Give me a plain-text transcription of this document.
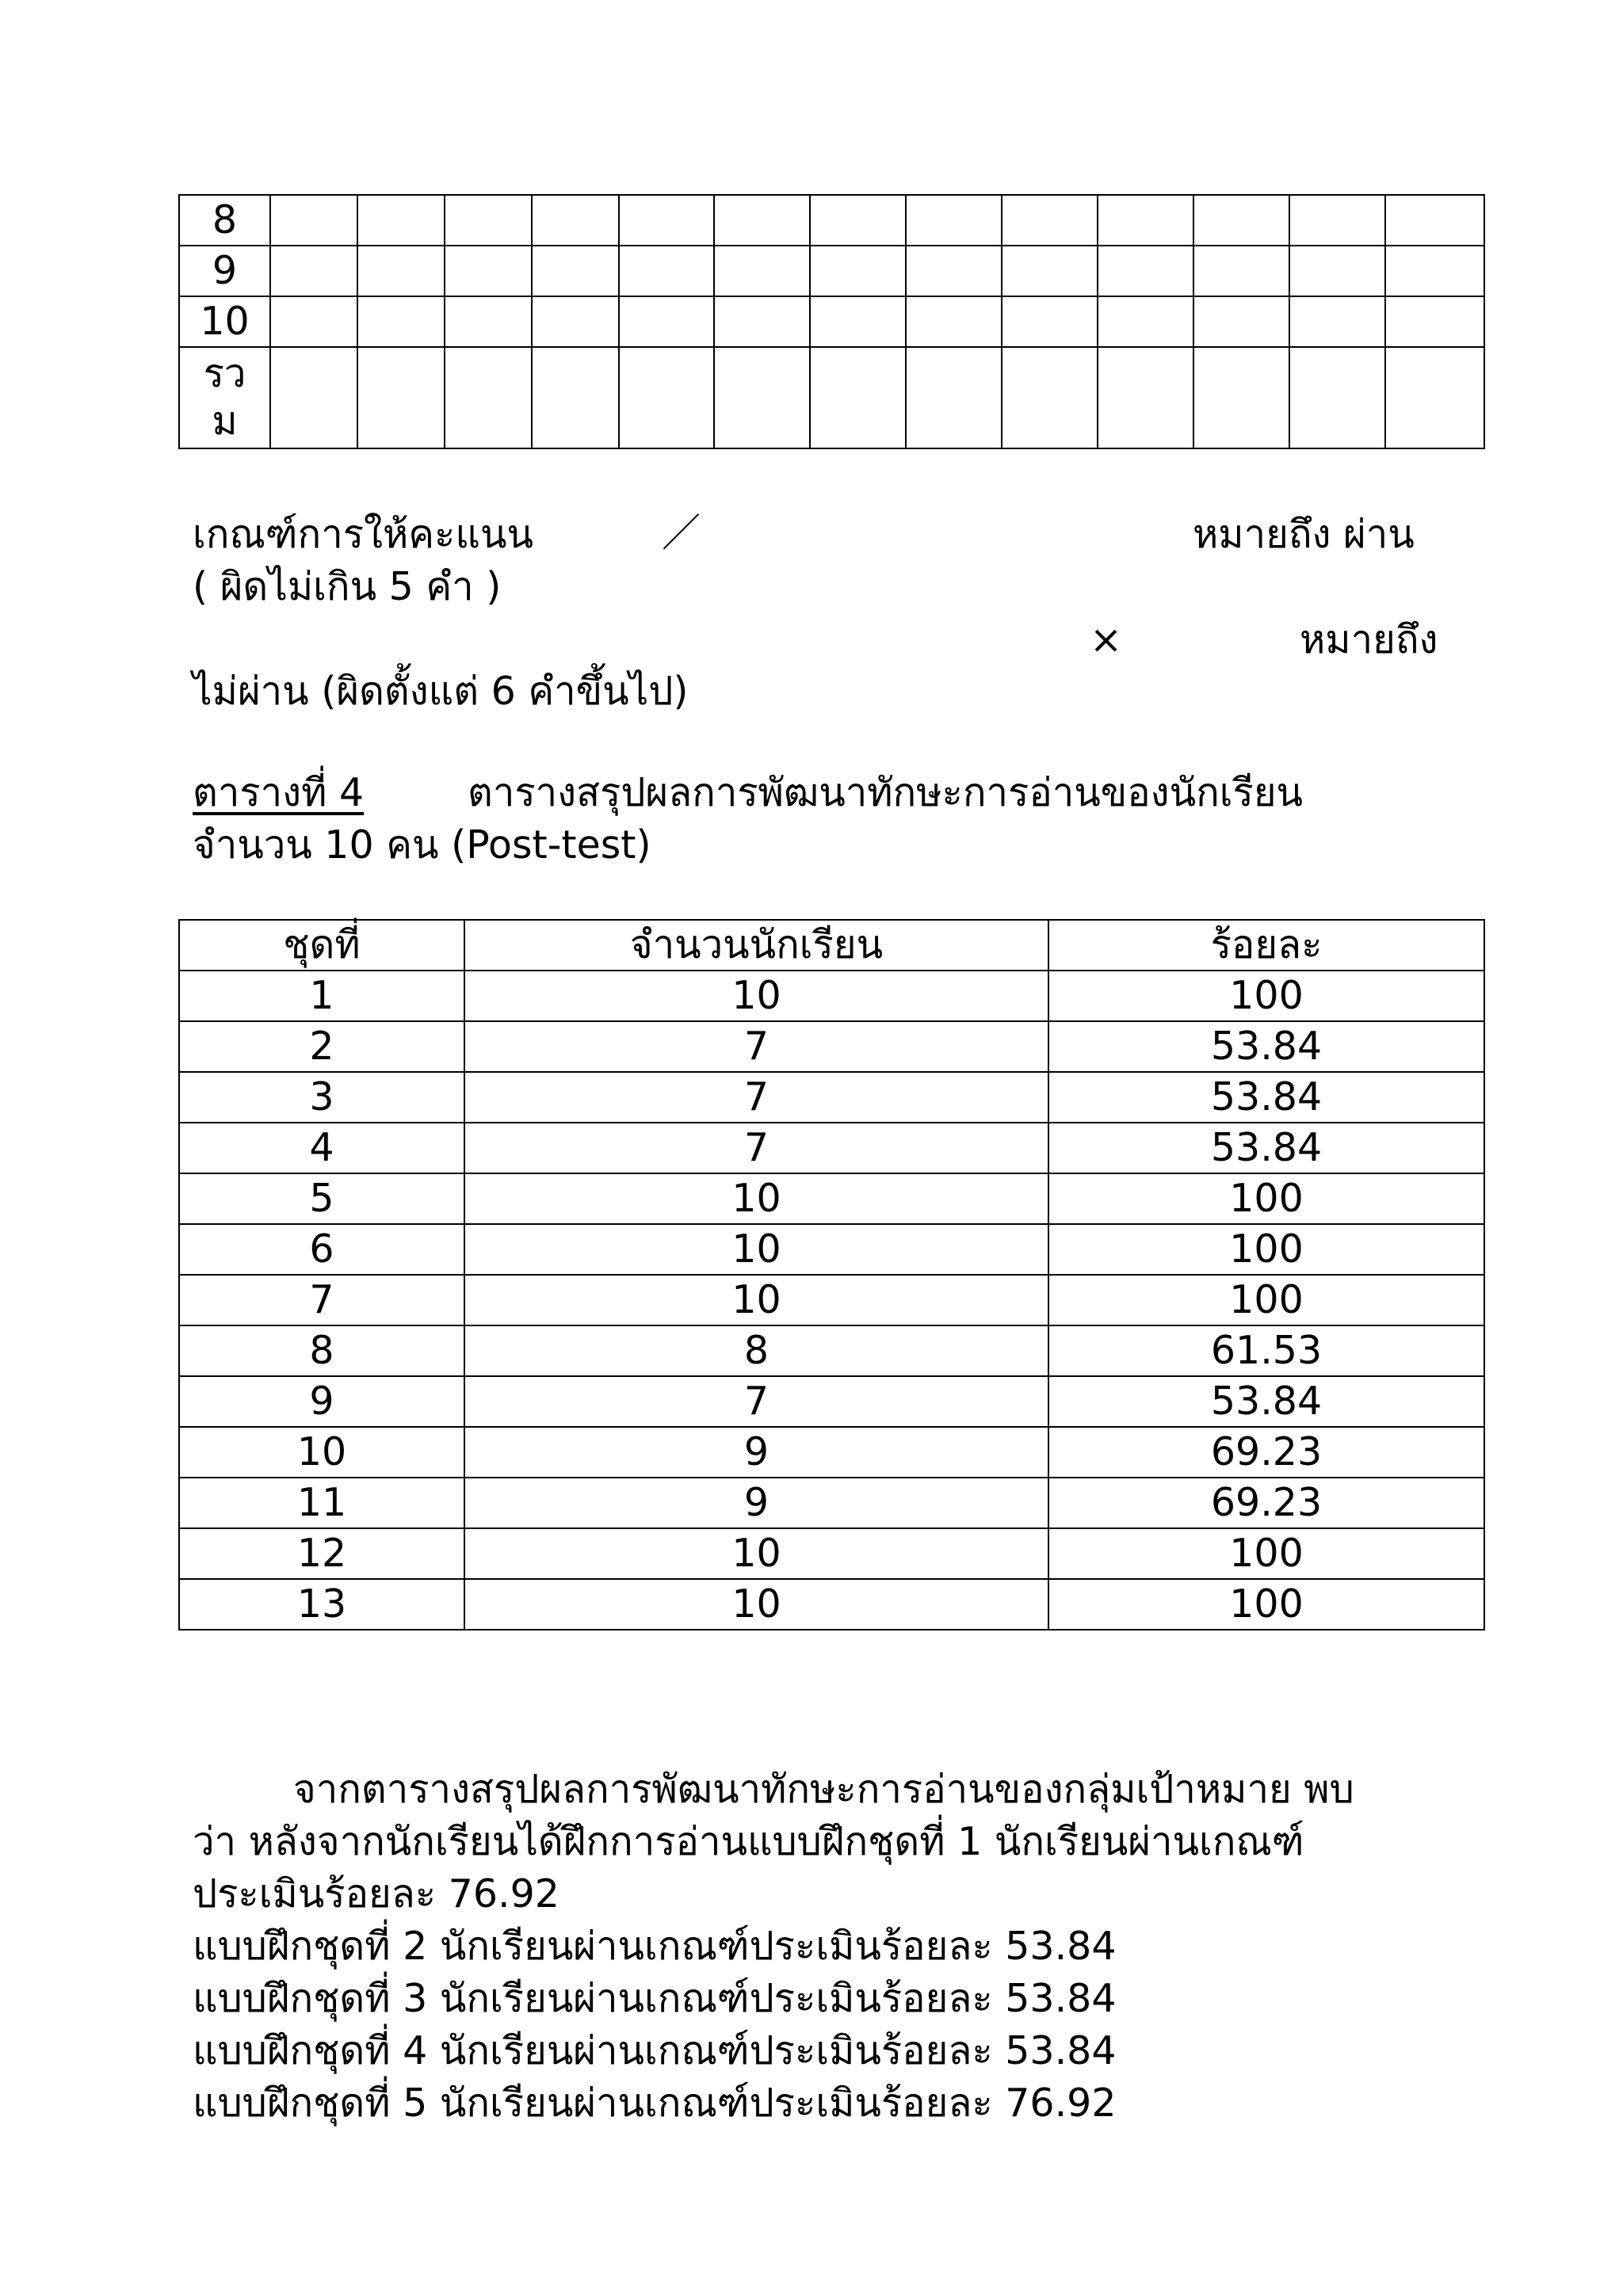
8													
9													
10													
รวม													
เกณฑ์การให้คะแนน	／	หมายถึง ผ่าน
( ผิดไม่เกิน 5 คำ )
×	หมายถึง
ไม่ผ่าน (ผิดตั้งแต่ 6 คำขึ้นไป)
ตารางที่ 4	ตารางสรุปผลการพัฒนาทักษะการอ่านของนักเรียน
จำนวน 10 คน (Post-test)
ชุดที่	จำนวนนักเรียน	ร้อยละ
1	10	100
2	7	53.84
3	7	53.84
4	7	53.84
5	10	100
6	10	100
7	10	100
8	8	61.53
9	7	53.84
10	9	69.23
11	9	69.23
12	10	100
13	10	100
จากตารางสรุปผลการพัฒนาทักษะการอ่านของกลุ่มเป้าหมาย พบ
ว่า หลังจากนักเรียนได้ฝึกการอ่านแบบฝึกชุดที่ 1 นักเรียนผ่านเกณฑ์
ประเมินร้อยละ 76.92
แบบฝึกชุดที่ 2 นักเรียนผ่านเกณฑ์ประเมินร้อยละ 53.84
แบบฝึกชุดที่ 3 นักเรียนผ่านเกณฑ์ประเมินร้อยละ 53.84
แบบฝึกชุดที่ 4 นักเรียนผ่านเกณฑ์ประเมินร้อยละ 53.84
แบบฝึกชุดที่ 5 นักเรียนผ่านเกณฑ์ประเมินร้อยละ 76.92
